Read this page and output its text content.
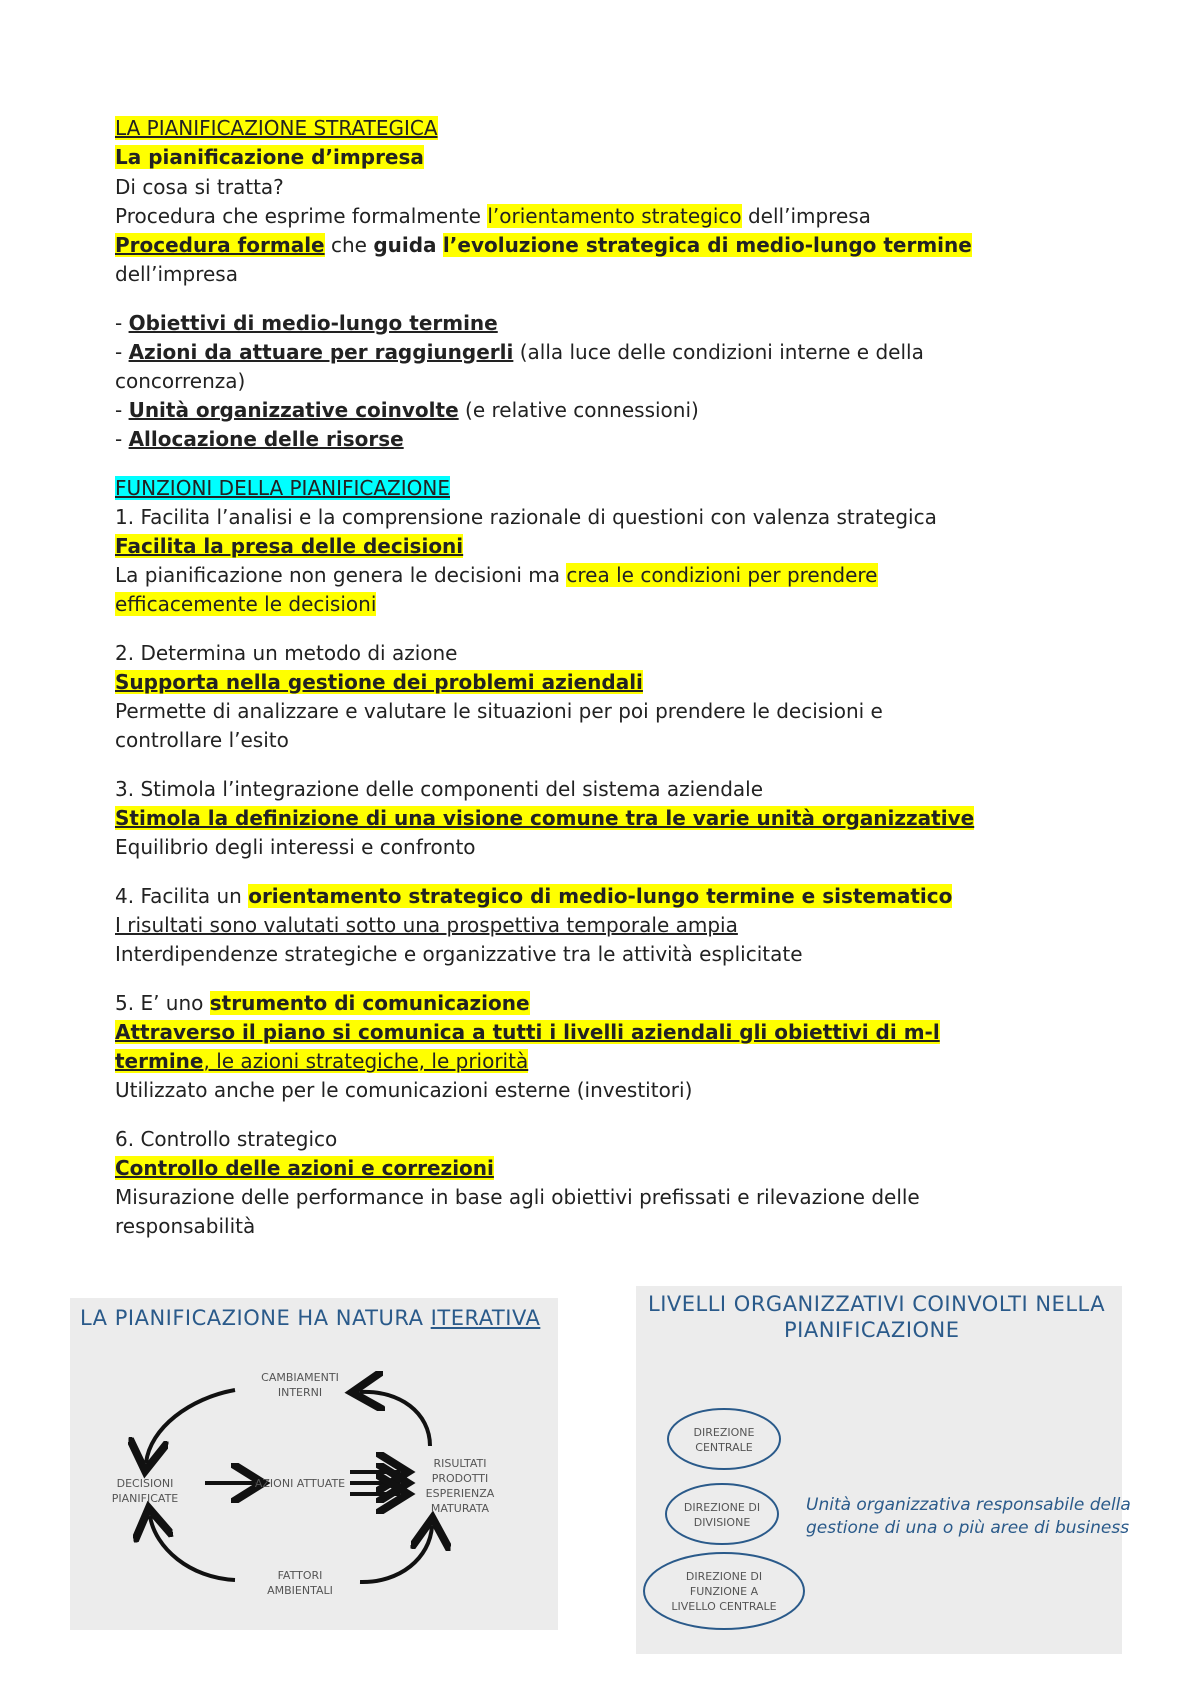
LA PIANIFICAZIONE STRATEGICA
La pianificazione d’impresa
Di cosa si tratta?
Procedura che esprime formalmente l’orientamento strategico dell’impresa
Procedura formale che guida l’evoluzione strategica di medio-lungo termine
dell’impresa
- Obiettivi di medio-lungo termine
- Azioni da attuare per raggiungerli (alla luce delle condizioni interne e della
concorrenza)
- Unità organizzative coinvolte (e relative connessioni)
- Allocazione delle risorse
FUNZIONI DELLA PIANIFICAZIONE
1. Facilita l’analisi e la comprensione razionale di questioni con valenza strategica
Facilita la presa delle decisioni
La pianificazione non genera le decisioni ma crea le condizioni per prendere
efficacemente le decisioni
2. Determina un metodo di azione
Supporta nella gestione dei problemi aziendali
Permette di analizzare e valutare le situazioni per poi prendere le decisioni e
controllare l’esito
3. Stimola l’integrazione delle componenti del sistema aziendale
Stimola la definizione di una visione comune tra le varie unità organizzative
Equilibrio degli interessi e confronto
4. Facilita un orientamento strategico di medio-lungo termine e sistematico
I risultati sono valutati sotto una prospettiva temporale ampia
Interdipendenze strategiche e organizzative tra le attività esplicitate
5. E’ uno strumento di comunicazione
Attraverso il piano si comunica a tutti i livelli aziendali gli obiettivi di m-l
termine, le azioni strategiche, le priorità
Utilizzato anche per le comunicazioni esterne (investitori)
6. Controllo strategico
Controllo delle azioni e correzioni
Misurazione delle performance in base agli obiettivi prefissati e rilevazione delle
responsabilità
LA PIANIFICAZIONE HA NATURA ITERATIVA
CAMBIAMENTI
INTERNI
DECISIONI
PIANIFICATE
AZIONI ATTUATE
RISULTATI
PRODOTTI
ESPERIENZA
MATURATA
FATTORI
AMBIENTALI
LIVELLI ORGANIZZATIVI COINVOLTI NELLA
PIANIFICAZIONE
DIREZIONE
CENTRALE
DIREZIONE DI
DIVISIONE
DIREZIONE DI
FUNZIONE A
LIVELLO CENTRALE
Unità organizzativa responsabile della
gestione di una o più aree di business
